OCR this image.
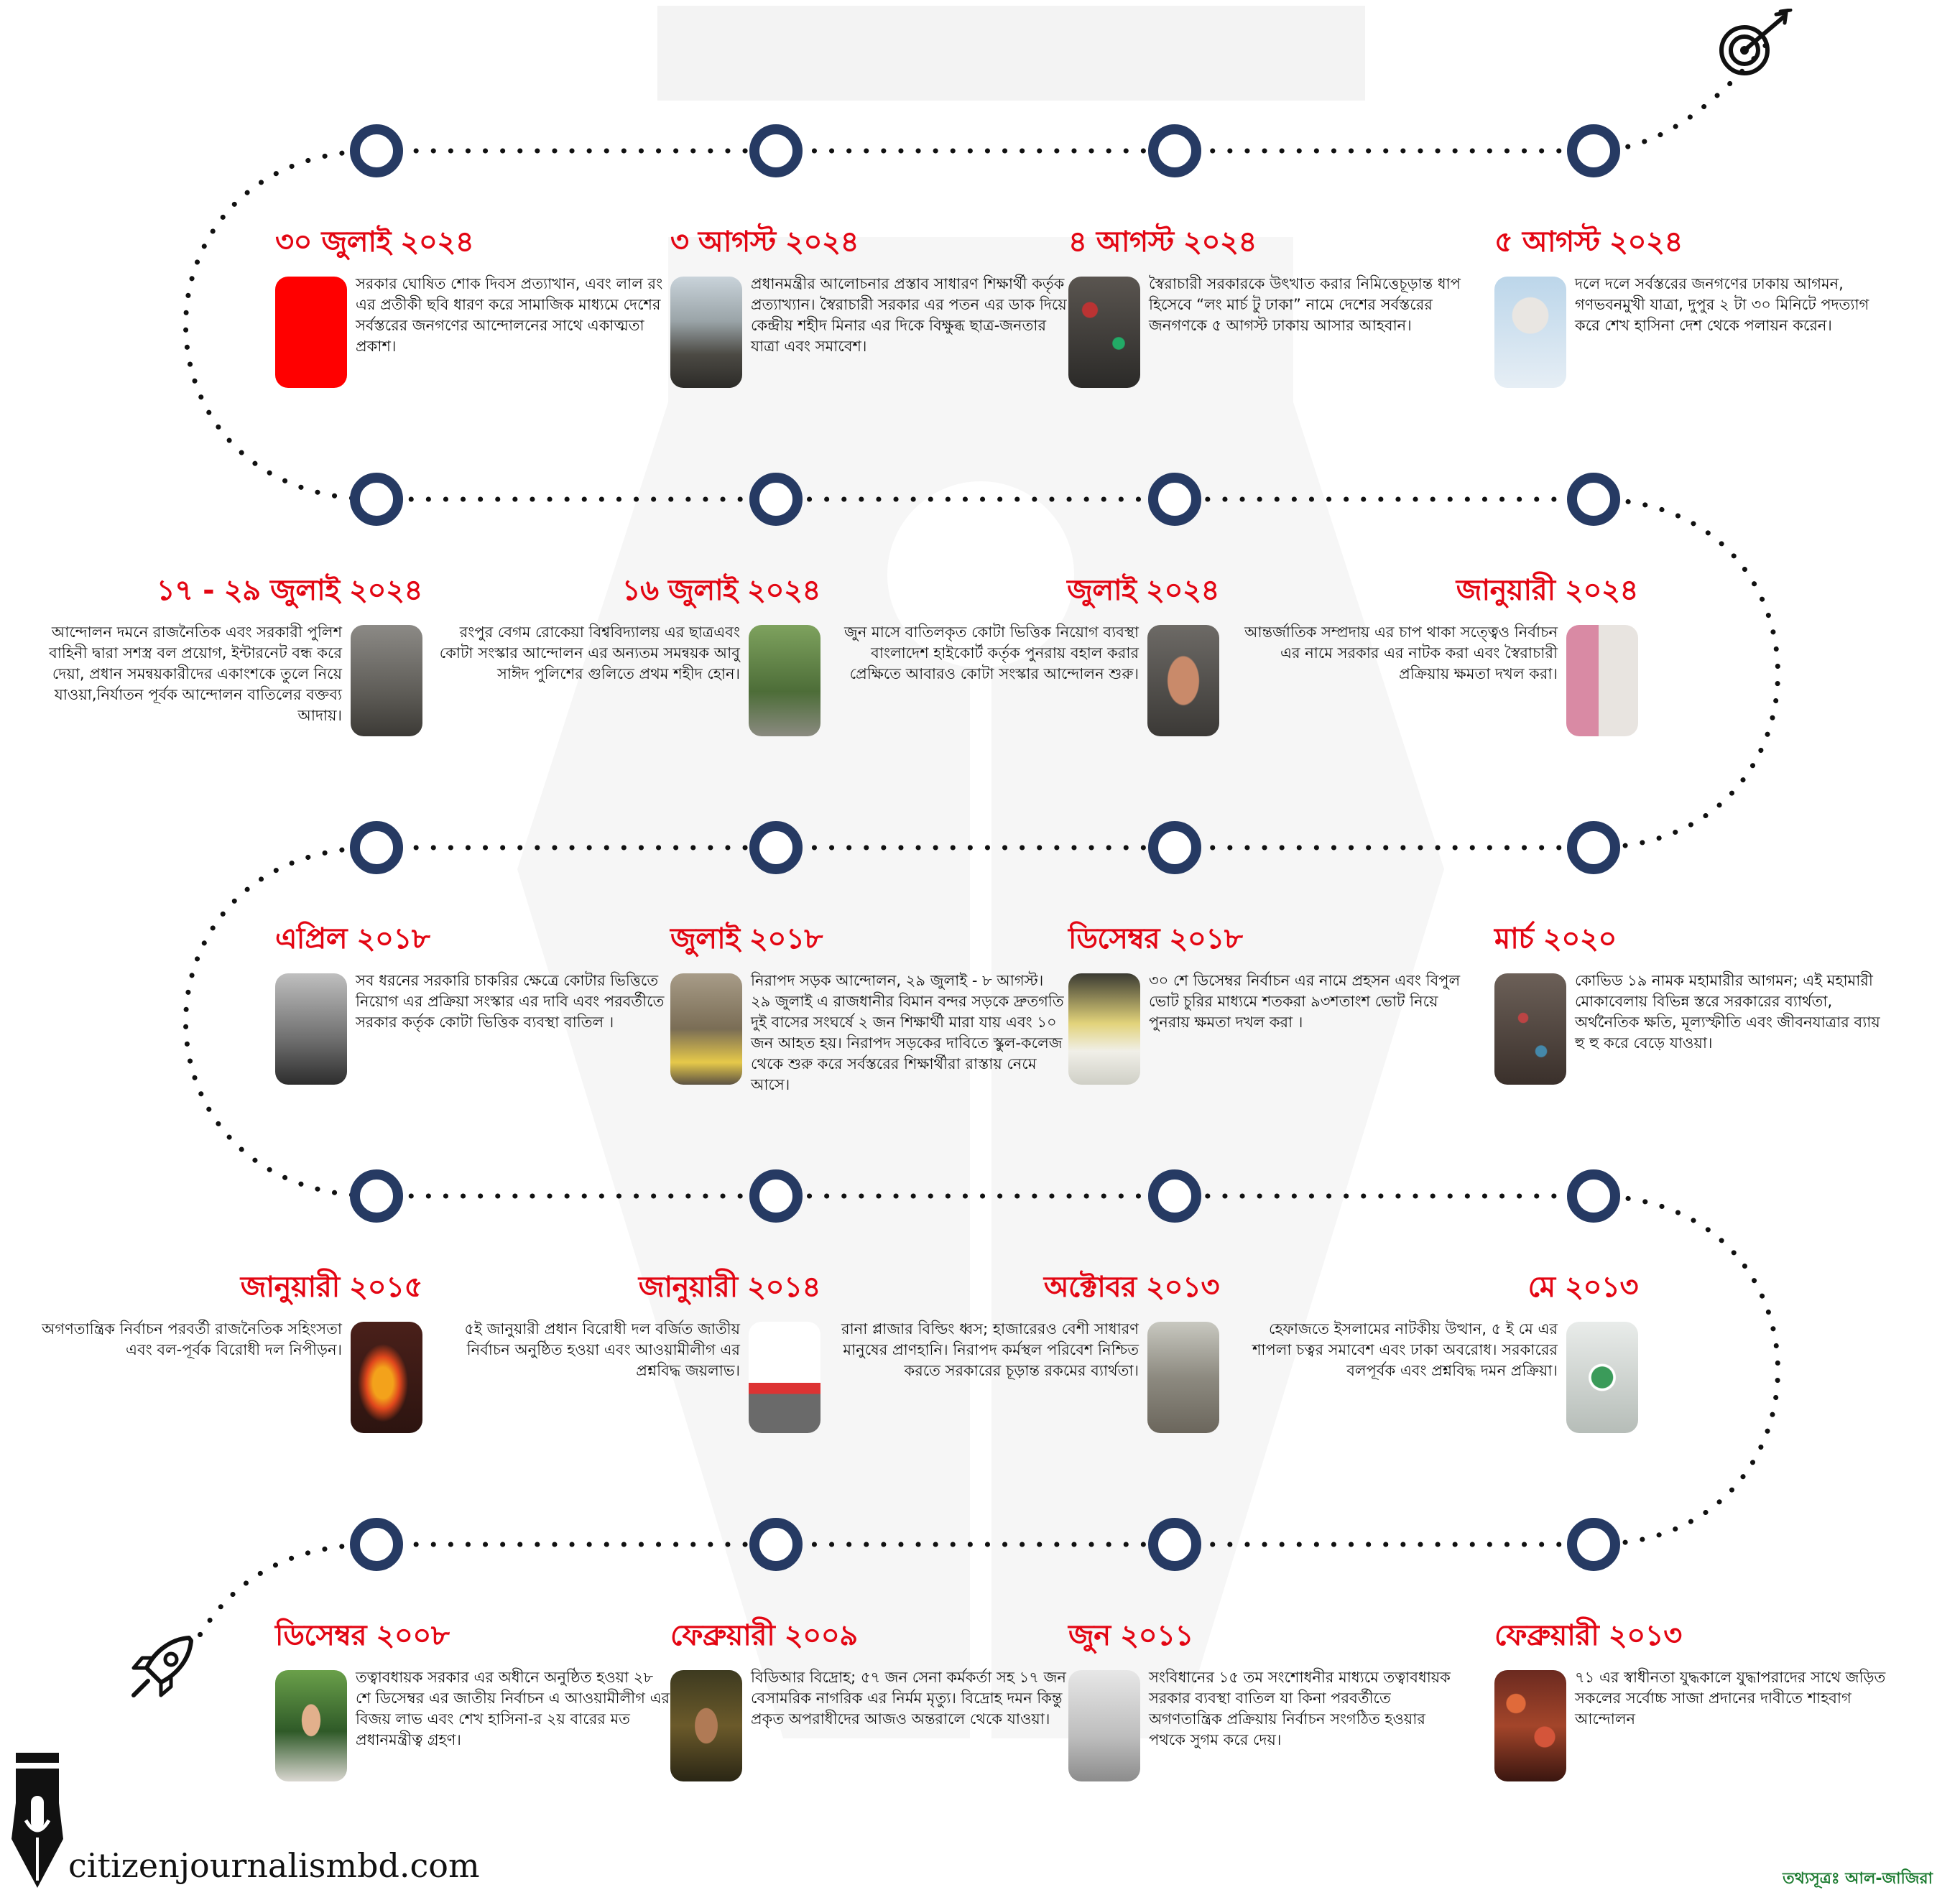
৩০ জুলাই ২০২৪
সরকার ঘোষিত শোক দিবস প্রত্যাখান, এবং লাল রং এর প্রতীকী ছবি ধারণ করে সামাজিক মাধ্যমে দেশের সর্বস্তরের জনগণের আন্দোলনের সাথে একাত্মতা প্রকাশ।
৩ আগস্ট ২০২৪
প্রধানমন্ত্রীর আলোচনার প্রস্তাব সাধারণ শিক্ষার্থী কর্তৃক প্রত্যাখ্যান। স্বৈরাচারী সরকার এর পতন এর ডাক দিয়ে কেন্দ্রীয় শহীদ মিনার এর দিকে বিক্ষুব্ধ ছাত্র-জনতার যাত্রা এবং সমাবেশ।
৪ আগস্ট ২০২৪
স্বৈরাচারী সরকারকে উৎখাত করার নিমিত্তেচূড়ান্ত ধাপ হিসেবে “লং মার্চ টু ঢাকা” নামে দেশের সর্বস্তরের জনগণকে ৫ আগস্ট ঢাকায় আসার আহবান।
৫ আগস্ট ২০২৪
দলে দলে সর্বস্তরের জনগণের ঢাকায় আগমন, গণভবনমুখী যাত্রা, দুপুর ২ টা ৩০ মিনিটে পদত্যাগ করে শেখ হাসিনা দেশ থেকে পলায়ন করেন।
১৭ - ২৯ জুলাই ২০২৪
আন্দোলন দমনে রাজনৈতিক এবং সরকারী পুলিশ বাহিনী দ্বারা সশস্ত্র বল প্রয়োগ, ইন্টারনেট বন্ধ করে দেয়া, প্রধান সমন্বয়কারীদের একাংশকে তুলে নিয়ে যাওয়া,নির্যাতন পূর্বক আন্দোলন বাতিলের বক্তব্য আদায়।
১৬ জুলাই ২০২৪
রংপুর বেগম রোকেয়া বিশ্ববিদ্যালয় এর ছাত্রএবং কোটা সংস্কার আন্দোলন এর অন্যতম সমন্বয়ক আবু সাঈদ পুলিশের গুলিতে প্রথম শহীদ হোন।
জুলাই ২০২৪
জুন মাসে বাতিলকৃত কোটা ভিত্তিক নিয়োগ ব্যবস্থা বাংলাদেশ হাইকোর্ট কর্তৃক পুনরায় বহাল করার প্রেক্ষিতে আবারও কোটা সংস্কার আন্দোলন শুরু।
জানুয়ারী ২০২৪
আন্তর্জাতিক সম্প্রদায় এর চাপ থাকা সত্ত্বেও নির্বাচন এর নামে সরকার এর নাটক করা এবং স্বৈরাচারী প্রক্রিয়ায় ক্ষমতা দখল করা।
এপ্রিল ২০১৮
সব ধরনের সরকারি চাকরির ক্ষেত্রে কোটার ভিত্তিতে নিয়োগ এর প্রক্রিয়া সংস্কার এর দাবি এবং পরবর্তীতে সরকার কর্তৃক কোটা ভিত্তিক ব্যবস্থা বাতিল ।
জুলাই ২০১৮
নিরাপদ সড়ক আন্দোলন, ২৯ জুলাই - ৮ আগস্ট। ২৯ জুলাই এ রাজধানীর বিমান বন্দর সড়কে দ্রুতগতি দুই বাসের সংঘর্ষে ২ জন শিক্ষার্থী মারা যায় এবং ১০ জন আহত হয়। নিরাপদ সড়কের দাবিতে স্কুল-কলেজ থেকে শুরু করে সর্বস্তরের শিক্ষার্থীরা রাস্তায় নেমে আসে।
ডিসেম্বর ২০১৮
৩০ শে ডিসেম্বর নির্বাচন এর নামে প্রহসন এবং বিপুল ভোট চুরির মাধ্যমে শতকরা ৯৩শতাংশ ভোট নিয়ে পুনরায় ক্ষমতা দখল করা ।
মার্চ ২০২০
কোভিড ১৯ নামক মহামারীর আগমন; এই মহামারী মোকাবেলায় বিভিন্ন স্তরে সরকারের ব্যার্থতা, অর্থনৈতিক ক্ষতি, মূল্যস্ফীতি এবং জীবনযাত্রার ব্যায় হু হু করে বেড়ে যাওয়া।
জানুয়ারী ২০১৫
অগণতান্ত্রিক নির্বাচন পরবর্তী রাজনৈতিক সহিংসতা এবং বল-পূর্বক বিরোধী দল নিপীড়ন।
জানুয়ারী ২০১৪
৫ই জানুয়ারী প্রধান বিরোধী দল বর্জিত জাতীয় নির্বাচন অনুষ্ঠিত হওয়া এবং আওয়ামীলীগ এর প্রশ্নবিদ্ধ জয়লাভ।
অক্টোবর ২০১৩
রানা প্লাজার বিল্ডিং ধ্বস; হাজারেরও বেশী সাধারণ মানুষের প্রাণহানি। নিরাপদ কর্মস্থল পরিবেশ নিশ্চিত করতে সরকারের চূড়ান্ত রকমের ব্যার্থতা।
মে ২০১৩
হেফাজতে ইসলামের নাটকীয় উত্থান, ৫ ই মে এর শাপলা চত্বর সমাবেশ এবং ঢাকা অবরোধ। সরকারের বলপূর্বক এবং প্রশ্নবিদ্ধ দমন প্রক্রিয়া।
ডিসেম্বর ২০০৮
তত্বাবধায়ক সরকার এর অধীনে অনুষ্ঠিত হওয়া ২৮ শে ডিসেম্বর এর জাতীয় নির্বাচন এ আওয়ামীলীগ এর বিজয় লাভ এবং শেখ হাসিনা-র ২য় বারের মত প্রধানমন্ত্রীত্ব গ্রহণ।
ফেব্রুয়ারী ২০০৯
বিডিআর বিদ্রোহ; ৫৭ জন সেনা কর্মকর্তা সহ ১৭ জন বেসামরিক নাগরিক এর নির্মম মৃত্যু। বিদ্রোহ দমন কিন্তু প্রকৃত অপরাধীদের আজও অন্তরালে থেকে যাওয়া।
জুন ২০১১
সংবিধানের ১৫ তম সংশোধনীর মাধ্যমে তত্বাবধায়ক সরকার ব্যবস্থা বাতিল যা কিনা পরবর্তীতে অগণতান্ত্রিক প্রক্রিয়ায় নির্বাচন সংগঠিত হওয়ার পথকে সুগম করে দেয়।
ফেব্রুয়ারী ২০১৩
৭১ এর স্বাধীনতা যুদ্ধকালে যুদ্ধাপরাদের সাথে জড়িত সকলের সর্বোচ্চ সাজা প্রদানের দাবীতে শাহবাগ আন্দোলন
citizenjournalismbd.com	তথ্যসূত্রঃ আল-জাজিরা
